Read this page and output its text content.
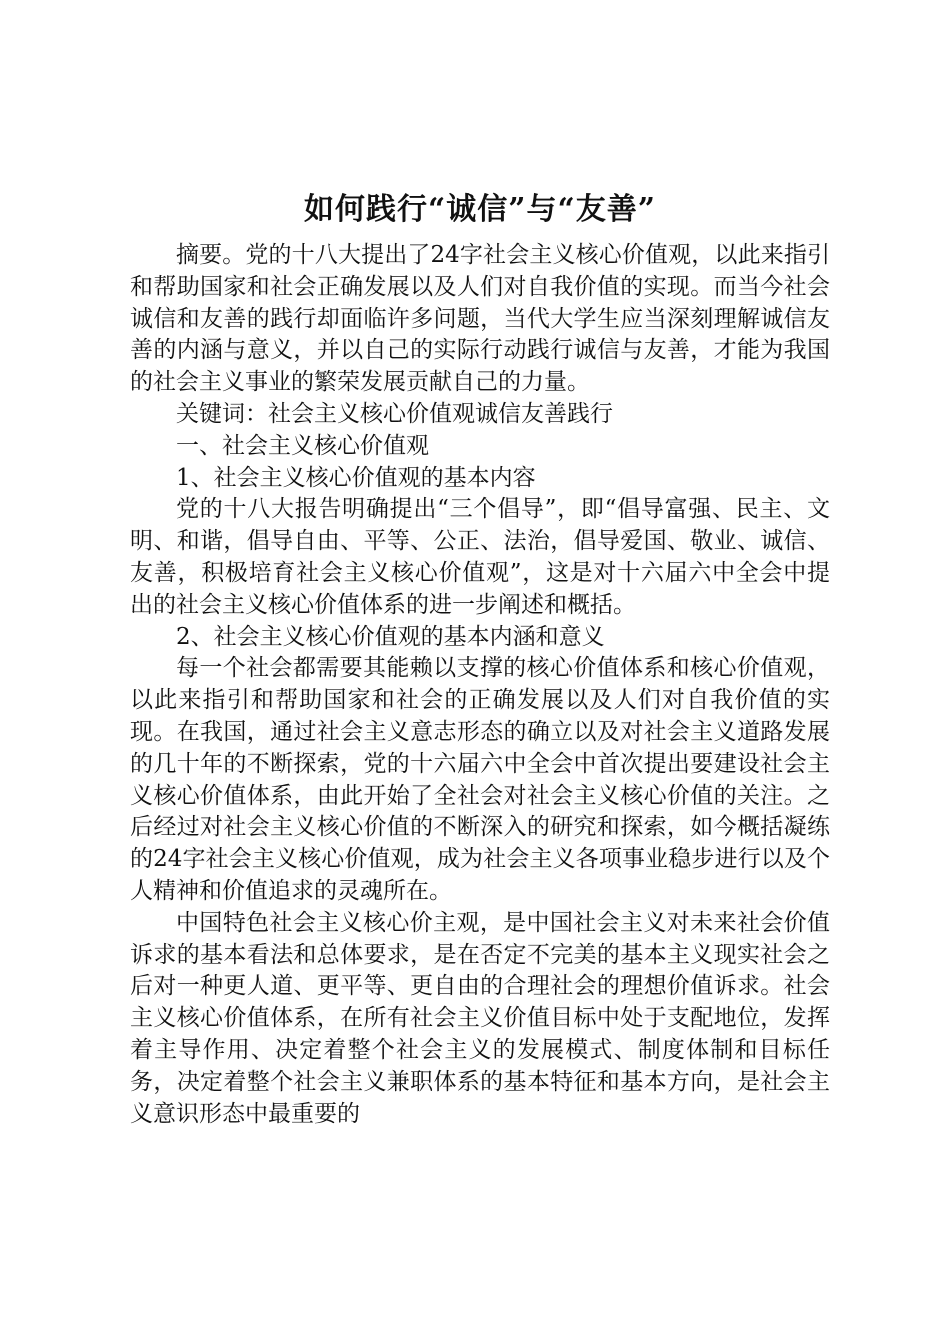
如何践行“诚信”与“友善”

摘要。党的十八大提出了24字社会主义核心价值观，以此来指引和帮助国家和社会正确发展以及人们对自我价值的实现。而当今社会诚信和友善的践行却面临许多问题，当代大学生应当深刻理解诚信友善的内涵与意义，并以自己的实际行动践行诚信与友善，才能为我国的社会主义事业的繁荣发展贡献自己的力量。

关键词：社会主义核心价值观诚信友善践行

一、社会主义核心价值观

1、社会主义核心价值观的基本内容

党的十八大报告明确提出“三个倡导”，即“倡导富强、民主、文明、和谐，倡导自由、平等、公正、法治，倡导爱国、敬业、诚信、友善，积极培育社会主义核心价值观”，这是对十六届六中全会中提出的社会主义核心价值体系的进一步阐述和概括。

2、社会主义核心价值观的基本内涵和意义

每一个社会都需要其能赖以支撑的核心价值体系和核心价值观，以此来指引和帮助国家和社会的正确发展以及人们对自我价值的实现。在我国，通过社会主义意志形态的确立以及对社会主义道路发展的几十年的不断探索，党的十六届六中全会中首次提出要建设社会主义核心价值体系，由此开始了全社会对社会主义核心价值的关注。之后经过对社会主义核心价值的不断深入的研究和探索，如今概括凝练的24字社会主义核心价值观，成为社会主义各项事业稳步进行以及个人精神和价值追求的灵魂所在。

中国特色社会主义核心价主观，是中国社会主义对未来社会价值诉求的基本看法和总体要求，是在否定不完美的基本主义现实社会之后对一种更人道、更平等、更自由的合理社会的理想价值诉求。社会主义核心价值体系，在所有社会主义价值目标中处于支配地位，发挥着主导作用、决定着整个社会主义的发展模式、制度体制和目标任务，决定着整个社会主义兼职体系的基本特征和基本方向，是社会主义意识形态中最重要的
